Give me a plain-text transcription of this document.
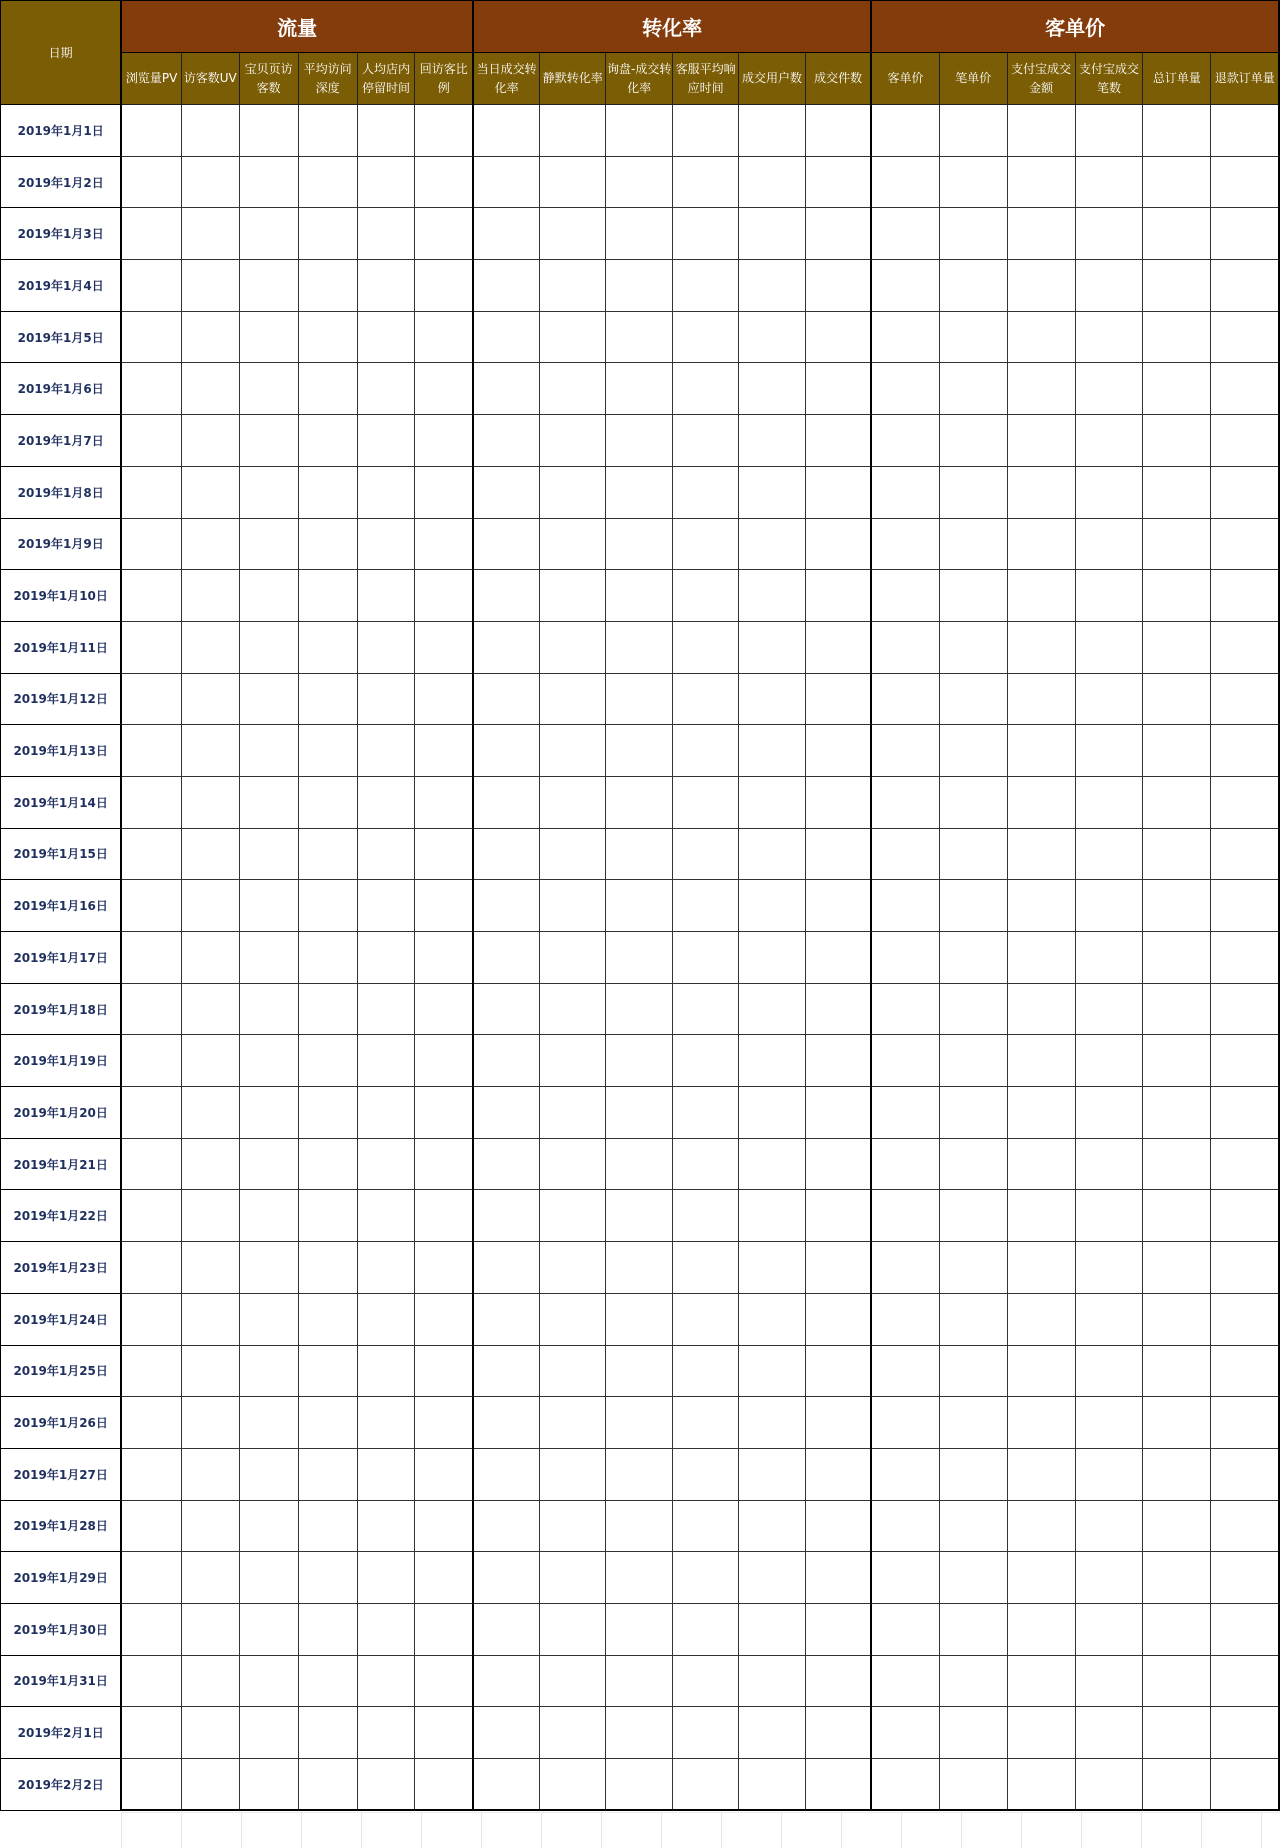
日期	流量						转化率						客单价					
	浏览量PV	访客数UV	宝贝页访客数	平均访问深度	人均店内停留时间	回访客比例	当日成交转化率	静默转化率	询盘-成交转化率	客服平均响应时间	成交用户数	成交件数	客单价	笔单价	支付宝成交金额	支付宝成交笔数	总订单量	退款订单量
2019年1月1日																		
2019年1月2日																		
2019年1月3日																		
2019年1月4日																		
2019年1月5日																		
2019年1月6日																		
2019年1月7日																		
2019年1月8日																		
2019年1月9日																		
2019年1月10日																		
2019年1月11日																		
2019年1月12日																		
2019年1月13日																		
2019年1月14日																		
2019年1月15日																		
2019年1月16日																		
2019年1月17日																		
2019年1月18日																		
2019年1月19日																		
2019年1月20日																		
2019年1月21日																		
2019年1月22日																		
2019年1月23日																		
2019年1月24日																		
2019年1月25日																		
2019年1月26日																		
2019年1月27日																		
2019年1月28日																		
2019年1月29日																		
2019年1月30日																		
2019年1月31日																		
2019年2月1日																		
2019年2月2日																		
